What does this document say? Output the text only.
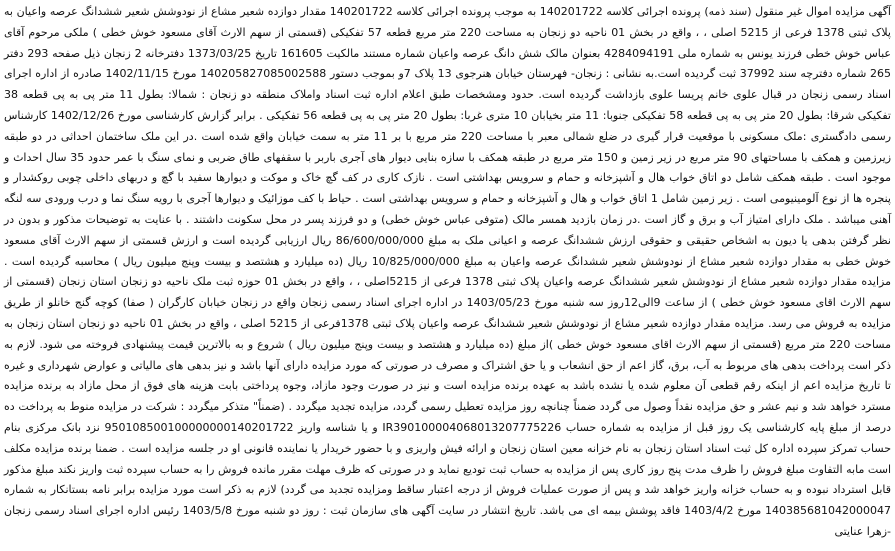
آگهی مزایده اموال غیر منقول (سند ذمه) پرونده اجرائی کلاسه 140201722 به موجب پرونده اجرائی کلاسه 140201722 مقدار دوازده شعیر مشاع از نودوشش شعیر ششدانگ عرصه واعیان به پلاک ثبتی 1378 فرعی از 5215 اصلی ، ، واقع در بخش 01 ناحیه دو زنجان به مساحت 220 متر مربع قطعه 57 تفکیکی (قسمتی از سهم الارث آقای مسعود خوش خطی ) ملکی مرحوم آقای عباس خوش خطی فرزند یونس به شماره ملی 4284094191 بعنوان مالک شش دانگ عرصه واعیان شماره مستند مالکیت 161605 تاریخ 1373/03/25 دفترخانه 2 زنجان ذیل صفحه 293 دفتر 265 شماره دفترچه سند 37992 ثبت گردیده است.به نشانی : زنجان- فهرستان خیابان هنرجوی 13 پلاک 7و بموجب دستور 140205827085002588 مورخ 1402/11/15 صادره از اداره اجرای اسناد رسمی زنجان در قبال علوی خانم پریسا علوی بازداشت گردیده است. حدود ومشخصات طبق اعلام اداره ثبت اسناد واملاک منطقه دو زنجان : شمالا: بطول 11 متر پی به پی قطعه 38 تفکیکی شرقا: بطول 20 متر پی به پی قطعه 58 تفکیکی جنوبا: 11 متر بخیابان 10 متری غربا: بطول 20 متر پی به پی قطعه 56 تفکیکی . برابر گزارش کارشناسی مورخ 1402/12/26 کارشناس رسمی دادگستری :ملک مسکونی با موقعیت قرار گیری در ضلع شمالی معبر با مساحت 220 متر مربع با بر 11 متر به سمت خیابان واقع شده است .در این ملک ساختمان احداثی در دو طبقه زیرزمین و همکف با مساحتهای 90 متر مربع در زیر زمین و 150 متر مربع در طبقه همکف با سازه بنایی دیوار های آجری باربر با سقفهای طاق ضربی و نمای سنگ با عمر حدود 35 سال احداث و موجود است . طبقه همکف شامل دو اتاق خواب هال و آشپزخانه و حمام و سرویس بهداشتی است . نازک کاری در کف گچ خاک و موکت و دیوارها سفید با گچ و دربهای داخلی چوبی روکشدار و پنجره ها از نوع آلومینیومی است . زیر زمین شامل 1 اتاق خواب و هال و آشپزخانه و حمام و سرویس بهداشتی است . حیاط با کف موزائیک و دیوارها آجری با رویه سنگ نما و درب ورودی سه لنگه آهنی میباشد . ملک دارای امتیاز آب و برق و گاز است .در زمان بازدید همسر مالک (متوفی عباس خوش خطی) و دو فرزند پسر در محل سکونت داشتند . با عنایت به توضیحات مذکور و بدون در نظر گرفتن بدهی یا دیون به اشخاص حقیقی و حقوقی ارزش ششدانگ عرصه و اعیانی ملک به مبلغ 86/600/000/000 ریال ارزیابی گردیده است و ارزش قسمتی از سهم الارث آقای مسعود خوش خطی به مقدار دوازده شعیر مشاع از نودوشش شعیر ششدانگ عرصه واعیان به مبلغ 10/825/000/000 ریال (ده میلیارد و هشتصد و بیست وپنج میلیون ریال ) محاسبه گردیده است . مزایده مقدار دوازده شعیر مشاع از نودوشش شعیر ششدانگ عرصه واعیان پلاک ثبتی 1378 فرعی از 5215اصلی ، ، واقع در بخش 01 حوزه ثبت ملک ناحیه دو زنجان استان زنجان (قسمتی از سهم الارث اقای مسعود خوش خطی ) از ساعت 9الی12روز سه شنبه مورخ 1403/05/23 در اداره اجرای اسناد رسمی زنجان واقع در زنجان خیابان کارگران ( صفا) کوچه گنج خانلو از طریق مزایده به فروش می رسد. مزایده مقدار دوازده شعیر مشاع از نودوشش شعیر ششدانگ عرصه واعیان پلاک ثبتی 1378فرعی از 5215 اصلی ، واقع در بخش 01 ناحیه دو زنجان استان زنجان به مساحت 220 متر مربع (قسمتی از سهم الارث اقای مسعود خوش خطی )از مبلغ (ده میلیارد و هشتصد و بیست وپنج میلیون ریال ) شروع و به بالاترین قیمت پیشنهادی فروخته می شود. لازم به ذکر است پرداخت بدهی های مربوط به آب، برق، گاز اعم از حق انشعاب و یا حق اشتراک و مصرف در صورتی که مورد مزایده دارای آنها باشد و نیز بدهی های مالیاتی و عوارض شهرداری و غیره تا تاریخ مزایده اعم از اینکه رقم قطعی آن معلوم شده یا نشده باشد به عهده برنده مزایده است و نیز در صورت وجود مازاد، وجوه پرداختی بابت هزینه های فوق از محل مازاد به برنده مزایده مسترد خواهد شد و نیم عشر و حق مزایده نقداً وصول می گردد ضمناً چنانچه روز مزایده تعطیل رسمی گردد، مزایده تجدید میگردد . (ضمناً" متذکر میگردد : شرکت در مزایده منوط به پرداخت ده درصد از مبلغ پایه کارشناسی یک روز قبل از مزایده به شماره حساب IR390100004068013207775226 و یا شناسه واریز 950108500100000000140201722 نزد بانک مرکزی بنام حساب تمرکز سپرده اداره کل ثبت اسناد استان زنجان به نام خزانه معین استان زنجان و ارائه فیش واریزی و با حضور خریدار یا نماینده قانونی او در جلسه مزایده است . ضمنا برنده مزایده مکلف است مابه التفاوت مبلغ فروش را ظرف مدت پنج روز کاری پس از مزایده به حساب ثبت تودیع نماید و در صورتی که ظرف مهلت مقرر مانده فروش را به حساب سپرده ثبت واریز نکند مبلغ مذکور قابل استرداد نبوده و به حساب خزانه واریز خواهد شد و پس از صورت عملیات فروش از درجه اعتبار ساقط ومزایده تجدید می گردد) لازم به ذکر است مورد مزایده برابر نامه بستانکار به شماره 140385681042000047 مورخ 1403/4/2 فاقد پوشش بیمه ای می باشد. تاریخ انتشار در سایت آگهی های سازمان ثبت : روز دو شنبه مورخ 1403/5/8 رئیس اداره اجرای اسناد رسمی زنجان -زهرا عنایتی
